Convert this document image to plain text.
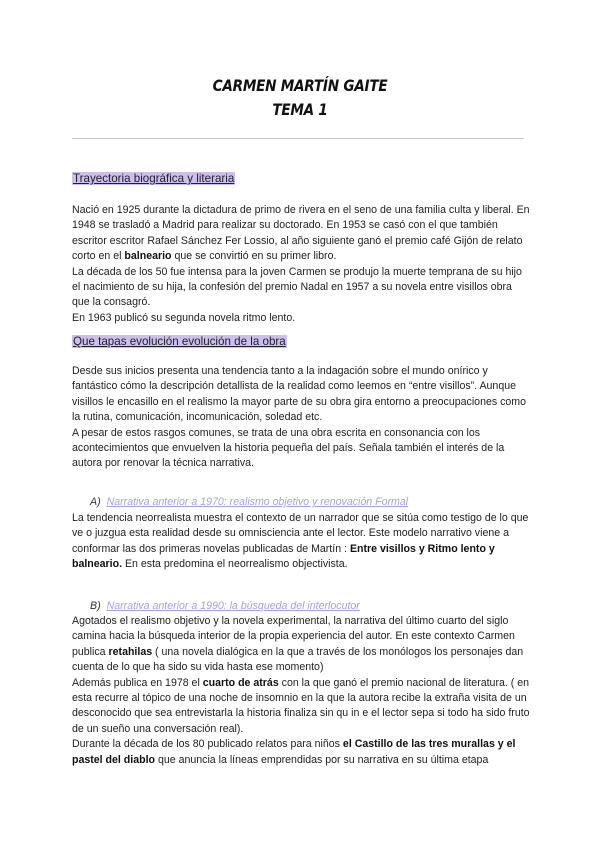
CARMEN MARTÍN GAITE
TEMA 1
Trayectoria biográfica y literaria

Nació en 1925 durante la dictadura de primo de rivera en el seno de una familia culta y liberal. En 1948 se trasladó a Madrid para realizar su doctorado. En 1953 se casó con el que también escritor escritor Rafael Sánchez Fer Lossio, al año siguiente ganó el premio café Gijón de relato corto en el balneario que se convirtió en su primer libro.

La década de los 50 fue intensa para la joven Carmen se produjo la muerte temprana de su hijo el nacimiento de su hija, la confesión del premio Nadal en 1957 a su novela entre visillos obra que la consagró.

En 1963 publicó su segunda novela ritmo lento.

Que tapas evolución evolución de la obra

Desde sus inicios presenta una tendencia tanto a la indagación sobre el mundo onírico y fantástico cómo la descripción detallista de la realidad como leemos en “entre visillos”. Aunque visillos le encasillo en el realismo la mayor parte de su obra gira entorno a preocupaciones como la rutina, comunicación, incomunicación, soledad etc.

A pesar de estos rasgos comunes, se trata de una obra escrita en consonancia con los acontecimientos que envuelven la historia pequeña del país. Señala también el interés de la autora por renovar la técnica narrativa.

A) Narrativa anterior a 1970: realismo objetivo y renovación Formal

La tendencia neorrealista muestra el contexto de un narrador que se sitúa como testigo de lo que ve o juzgua esta realidad desde su omnisciencia ante el lector. Este modelo narrativo viene a conformar las dos primeras novelas publicadas de Martín : Entre visillos y Ritmo lento y balneario. En esta predomina el neorrealismo objectivista.

B) Narrativa anterior a 1990: la búsqueda del interlocutor

Agotados el realismo objetivo y la novela experimental, la narrativa del último cuarto del siglo camina hacia la búsqueda interior de la propia experiencia del autor. En este contexto Carmen publica retahilas ( una novela dialógica en la que a través de los monólogos los personajes dan cuenta de lo que ha sido su vida hasta ese momento)

Además publica en 1978 el cuarto de atrás con la que ganó el premio nacional de literatura. ( en esta recurre al tópico de una noche de insomnio en la que la autora recibe la extraña visita de un desconocido que sea entrevistarla la historia finaliza sin qu in e el lector sepa si todo ha sido fruto de un sueño una conversación real).

Durante la década de los 80 publicado relatos para niños el Castillo de las tres murallas y el pastel del diablo que anuncia la líneas emprendidas por su narrativa en su última etapa
